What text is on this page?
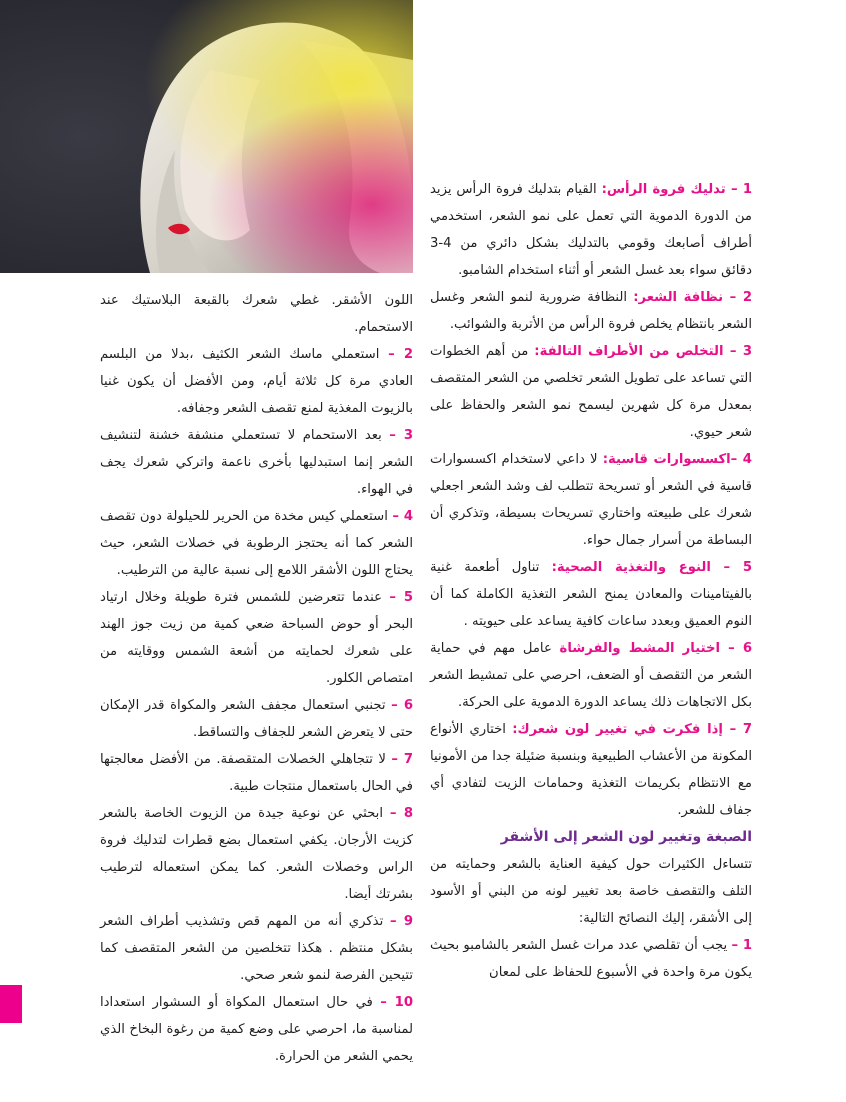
1 – تدليك فروة الرأس: القيام بتدليك فروة الرأس يزيد من الدورة الدموية التي تعمل على نمو الشعر، استخدمي أطراف أصابعك وقومي بالتدليك بشكل دائري من 4-3 دقائق سواء بعد غسل الشعر أو أثناء استخدام الشامبو.

2 – نظافة الشعر: النظافة ضرورية لنمو الشعر وغسل الشعر بانتظام يخلص فروة الرأس من الأتربة والشوائب.

3 – التخلص من الأطراف التالفة: من أهم الخطوات التي تساعد على تطويل الشعر تخلصي من الشعر المتقصف بمعدل مرة كل شهرين ليسمح نمو الشعر والحفاظ على شعر حيوي.

4 –اكسسوارات قاسية: لا داعي لاستخدام اكسسوارات قاسية في الشعر أو تسريحة تتطلب لف وشد الشعر اجعلي شعرك على طبيعته واختاري تسريحات بسيطة، وتذكري أن البساطة من أسرار جمال حواء.

5 – النوع والتغذية الصحية: تناول أطعمة غنية بالفيتامينات والمعادن يمنح الشعر التغذية الكاملة كما أن النوم العميق وبعدد ساعات كافية يساعد على حيويته .

6 – اختيار المشط والفرشاة عامل مهم في حماية الشعر من التقصف أو الضعف، احرصي على تمشيط الشعر بكل الاتجاهات ذلك يساعد الدورة الدموية على الحركة.

7 – إذا فكرت في تغيير لون شعرك: اختاري الأنواع المكونة من الأعشاب الطبيعية وبنسبة ضئيلة جدا من الأمونيا مع الانتظام بكريمات التغذية وحمامات الزيت لتفادي أي جفاف للشعر.

الصبغة وتغيير لون الشعر إلى الأشقر

تتساءل الكثيرات حول كيفية العناية بالشعر وحمايته من التلف والتقصف خاصة بعد تغيير لونه من البني أو الأسود إلى الأشقر، إليك النصائح التالية:

1 – يجب أن تقلصي عدد مرات غسل الشعر بالشامبو بحيث يكون مرة واحدة في الأسبوع للحفاظ على لمعان

اللون الأشقر. غطي شعرك بالقبعة البلاستيك عند الاستحمام.

2 – استعملي ماسك الشعر الكثيف ،بدلا من البلسم العادي مرة كل ثلاثة أيام، ومن الأفضل أن يكون غنيا بالزيوت المغذية لمنع تقصف الشعر وجفافه.

3 – بعد الاستحمام لا تستعملي منشفة خشنة لتنشيف الشعر إنما استبدليها بأخرى ناعمة واتركي شعرك يجف في الهواء.

4 – استعملي كيس مخدة من الحرير للحيلولة دون تقصف الشعر كما أنه يحتجز الرطوبة في خصلات الشعر، حيث يحتاج اللون الأشقر اللامع إلى نسبة عالية من الترطيب.

5 – عندما تتعرضين للشمس فترة طويلة وخلال ارتياد البحر أو حوض السباحة ضعي كمية من زيت جوز الهند على شعرك لحمايته من أشعة الشمس ووقايته من امتصاص الكلور.

6 – تجنبي استعمال مجفف الشعر والمكواة قدر الإمكان حتى لا يتعرض الشعر للجفاف والتساقط.

7 – لا تتجاهلي الخصلات المتقصفة. من الأفضل معالجتها في الحال باستعمال منتجات طبية.

8 – ابحثي عن نوعية جيدة من الزيوت الخاصة بالشعر كزيت الأرجان. يكفي استعمال بضع قطرات لتدليك فروة الراس وخصلات الشعر. كما يمكن استعماله لترطيب بشرتك أيضا.

9 – تذكري أنه من المهم قص وتشذيب أطراف الشعر بشكل منتظم . هكذا تتخلصين من الشعر المتقصف كما تتيحين الفرصة لنمو شعر صحي.

10 – في حال استعمال المكواة أو السشوار استعدادا لمناسبة ما، احرصي على وضع كمية من رغوة البخاخ الذي يحمي الشعر من الحرارة.
